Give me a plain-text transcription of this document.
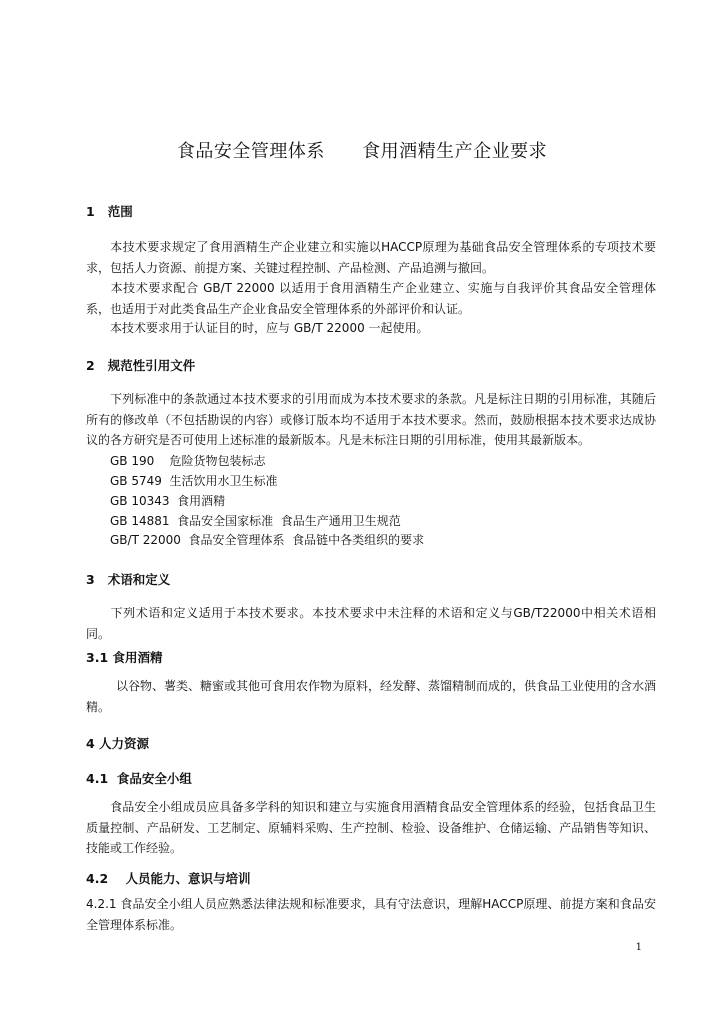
食品安全管理体系      食用酒精生产企业要求
1   范围
本技术要求规定了食用酒精生产企业建立和实施以HACCP原理为基础食品安全管理体系的专项技术要求，包括人力资源、前提方案、关键过程控制、产品检测、产品追溯与撤回。
本技术要求配合 GB/T 22000 以适用于食用酒精生产企业建立、实施与自我评价其食品安全管理体系，也适用于对此类食品生产企业食品安全管理体系的外部评价和认证。
本技术要求用于认证目的时，应与 GB/T 22000 一起使用。
2   规范性引用文件
下列标准中的条款通过本技术要求的引用而成为本技术要求的条款。凡是标注日期的引用标准，其随后所有的修改单（不包括勘误的内容）或修订版本均不适用于本技术要求。然而，鼓励根据本技术要求达成协议的各方研究是否可使用上述标准的最新版本。凡是未标注日期的引用标准，使用其最新版本。
GB 190    危险货物包装标志
GB 5749  生活饮用水卫生标准
GB 10343  食用酒精
GB 14881  食品安全国家标准  食品生产通用卫生规范
GB/T 22000  食品安全管理体系  食品链中各类组织的要求
3   术语和定义
下列术语和定义适用于本技术要求。本技术要求中未注释的术语和定义与GB/T22000中相关术语相同。
3.1 食用酒精
以谷物、薯类、糖蜜或其他可食用农作物为原料，经发酵、蒸馏精制而成的，供食品工业使用的含水酒精。
4 人力资源
4.1  食品安全小组
食品安全小组成员应具备多学科的知识和建立与实施食用酒精食品安全管理体系的经验，包括食品卫生质量控制、产品研发、工艺制定、原辅料采购、生产控制、检验、设备维护、仓储运输、产品销售等知识、技能或工作经验。
4.2    人员能力、意识与培训
4.2.1 食品安全小组人员应熟悉法律法规和标准要求，具有守法意识，理解HACCP原理、前提方案和食品安全管理体系标准。
1
